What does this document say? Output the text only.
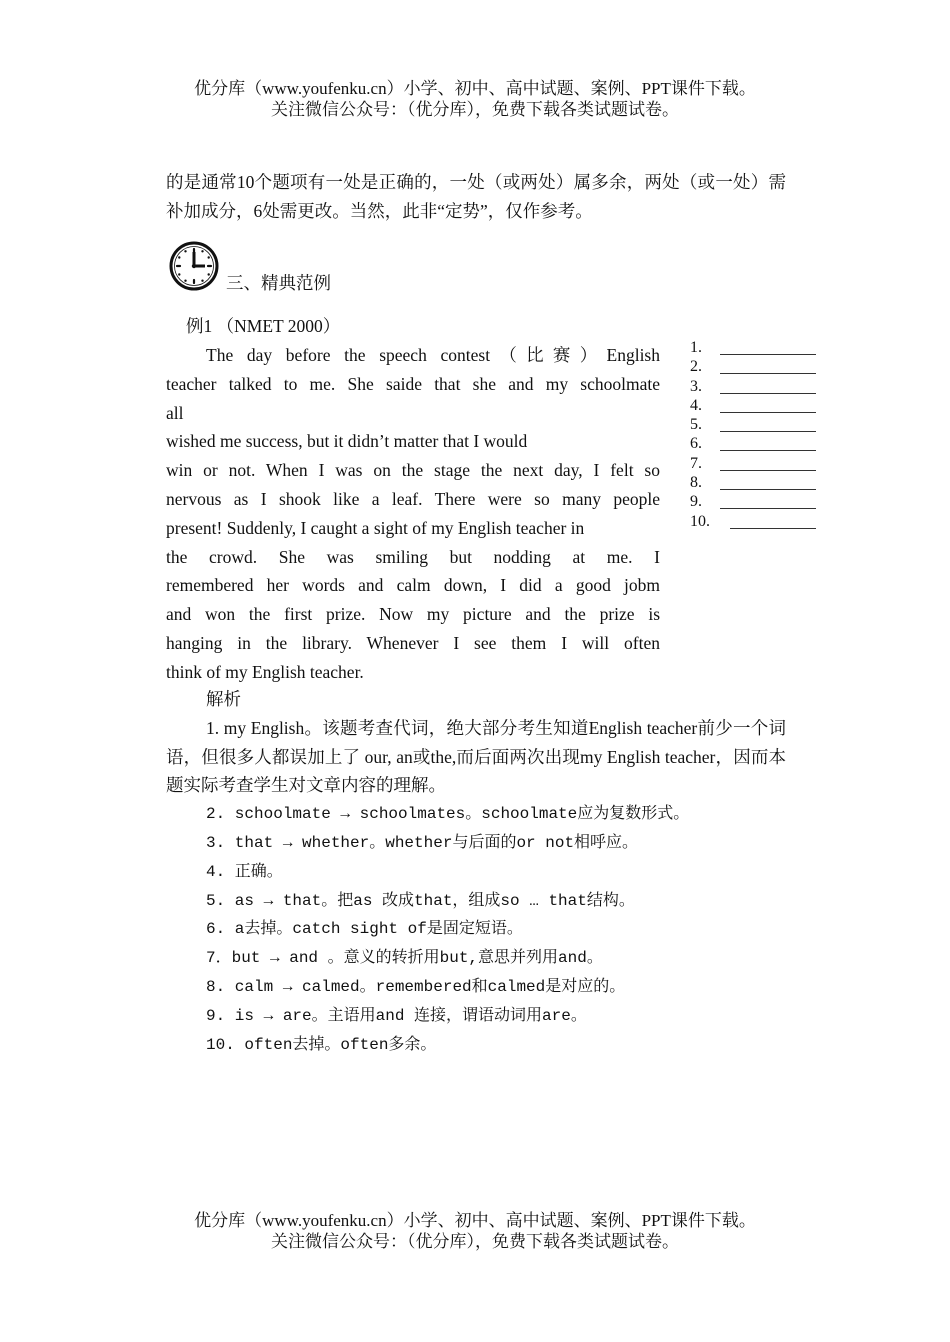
优分库（www.youfenku.cn）小学、初中、高中试题、案例、PPT课件下载。
关注微信公众号：（优分库），免费下载各类试题试卷。
的是通常10个题项有一处是正确的，一处（或两处）属多余，两处（或一处）需补加成分，6处需更改。当然，此非“定势”，仅作参考。
三、精典范例
例1 （NMET 2000）
The day before the speech contest（比赛）English
teacher talked to me. She saide that she and my schoolmate
all
wished me success, but it didn’t matter that I would
win or not. When I was on the stage the next day, I felt so
nervous as I shook like a leaf. There were so many people
present! Suddenly, I caught a sight of my English teacher in
the crowd. She was smiling but nodding at me. I
remembered her words and calm down, I did a good jobm
and won the first prize. Now my picture and the prize is
hanging in the library. Whenever I see them I will often
think of my English teacher.
1.
2.
3.
4.
5.
6.
7.
8.
9.
10.
解析
1. my English。该题考查代词，绝大部分考生知道English teacher前少一个词语，但很多人都误加上了 our, an或the,而后面两次出现my English teacher，因而本题实际考查学生对文章内容的理解。
2. schoolmate → schoolmates。schoolmate应为复数形式。
3. that → whether。whether与后面的or not相呼应。
4. 正确。
5. as → that。把as 改成that，组成so … that结构。
6. a去掉。catch sight of是固定短语。
7．but → and 。意义的转折用but,意思并列用and。
8. calm → calmed。remembered和calmed是对应的。
9. is → are。主语用and 连接，谓语动词用are。
10. often去掉。often多余。
优分库（www.youfenku.cn）小学、初中、高中试题、案例、PPT课件下载。
关注微信公众号：（优分库），免费下载各类试题试卷。
